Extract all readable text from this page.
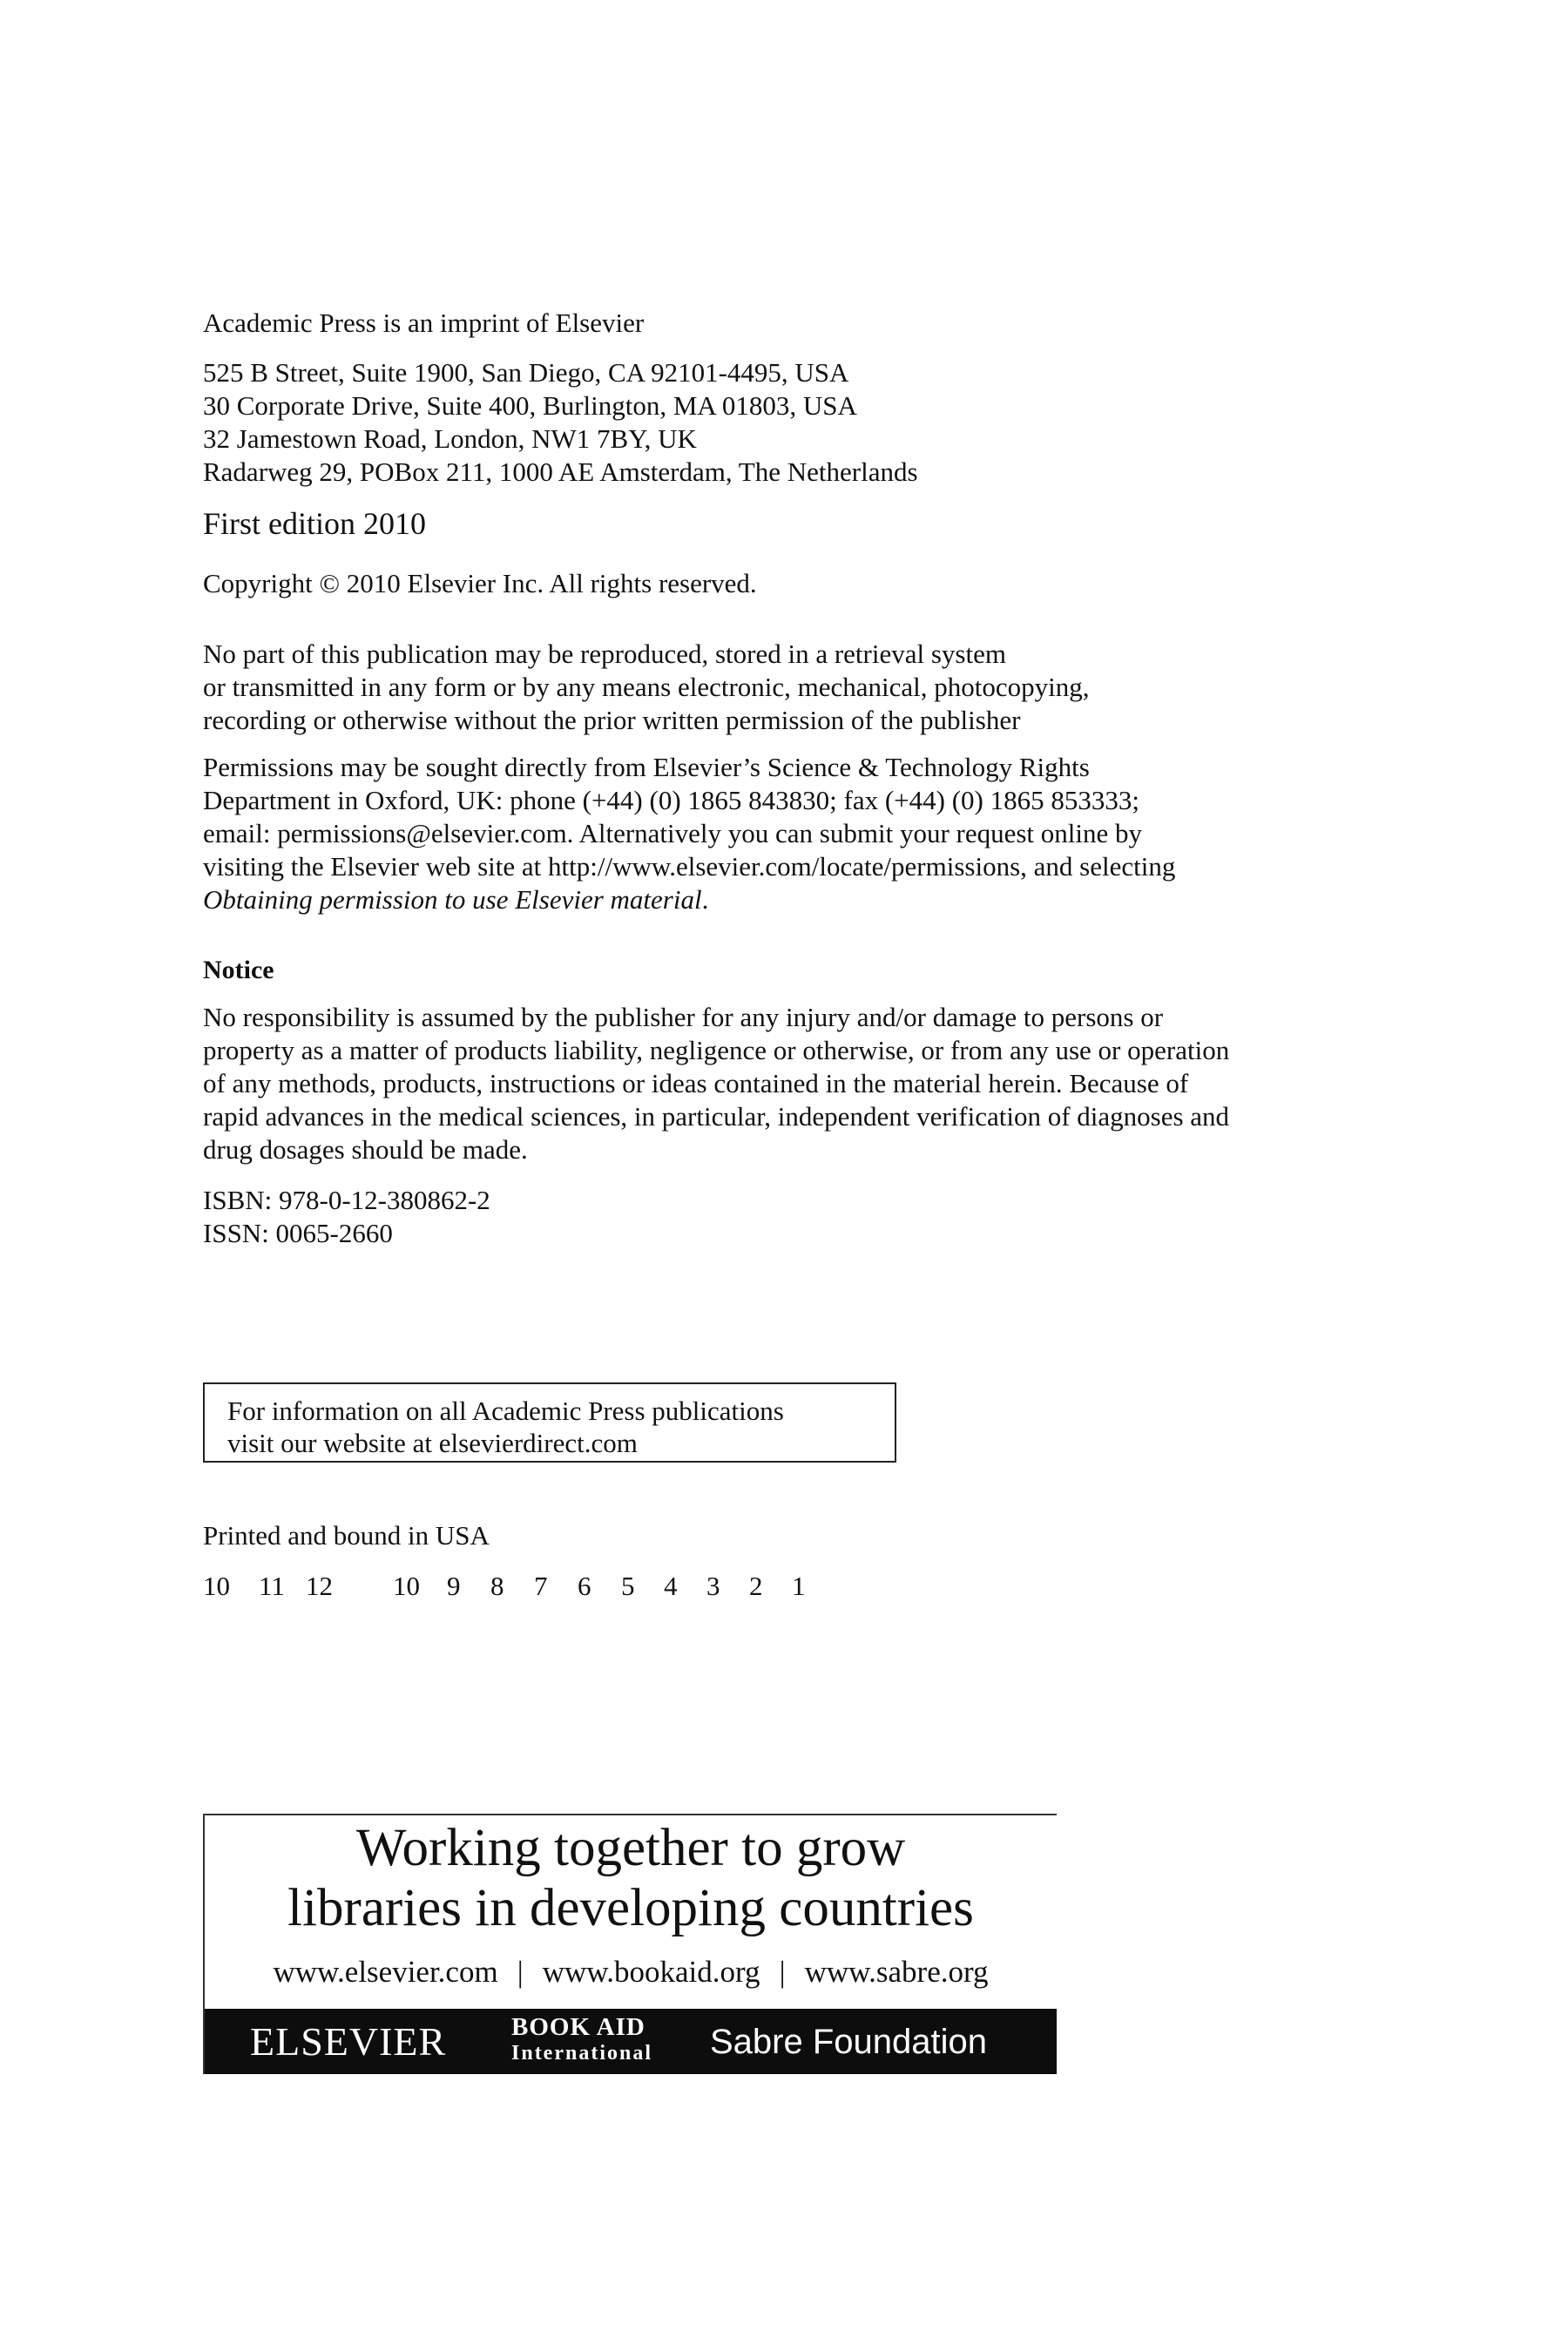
Academic Press is an imprint of Elsevier

525 B Street, Suite 1900, San Diego, CA 92101-4495, USA
30 Corporate Drive, Suite 400, Burlington, MA 01803, USA
32 Jamestown Road, London, NW1 7BY, UK
Radarweg 29, POBox 211, 1000 AE Amsterdam, The Netherlands

First edition 2010

Copyright © 2010 Elsevier Inc. All rights reserved.

No part of this publication may be reproduced, stored in a retrieval system
or transmitted in any form or by any means electronic, mechanical, photocopying,
recording or otherwise without the prior written permission of the publisher

Permissions may be sought directly from Elsevier’s Science & Technology Rights
Department in Oxford, UK: phone (+44) (0) 1865 843830; fax (+44) (0) 1865 853333;
email: permissions@elsevier.com. Alternatively you can submit your request online by
visiting the Elsevier web site at http://www.elsevier.com/locate/permissions, and selecting
Obtaining permission to use Elsevier material.

Notice

No responsibility is assumed by the publisher for any injury and/or damage to persons or
property as a matter of products liability, negligence or otherwise, or from any use or operation
of any methods, products, instructions or ideas contained in the material herein. Because of
rapid advances in the medical sciences, in particular, independent verification of diagnoses and
drug dosages should be made.

ISBN: 978-0-12-380862-2
ISSN: 0065-2660

For information on all Academic Press publications
visit our website at elsevierdirect.com
Printed and bound in USA
10 11 12 10 9 8 7 6 5 4 3 2 1
Working together to grow
libraries in developing countries
www.elsevier.com | www.bookaid.org | www.sabre.org
ELSEVIER	BOOK AID
International Sabre Foundation
